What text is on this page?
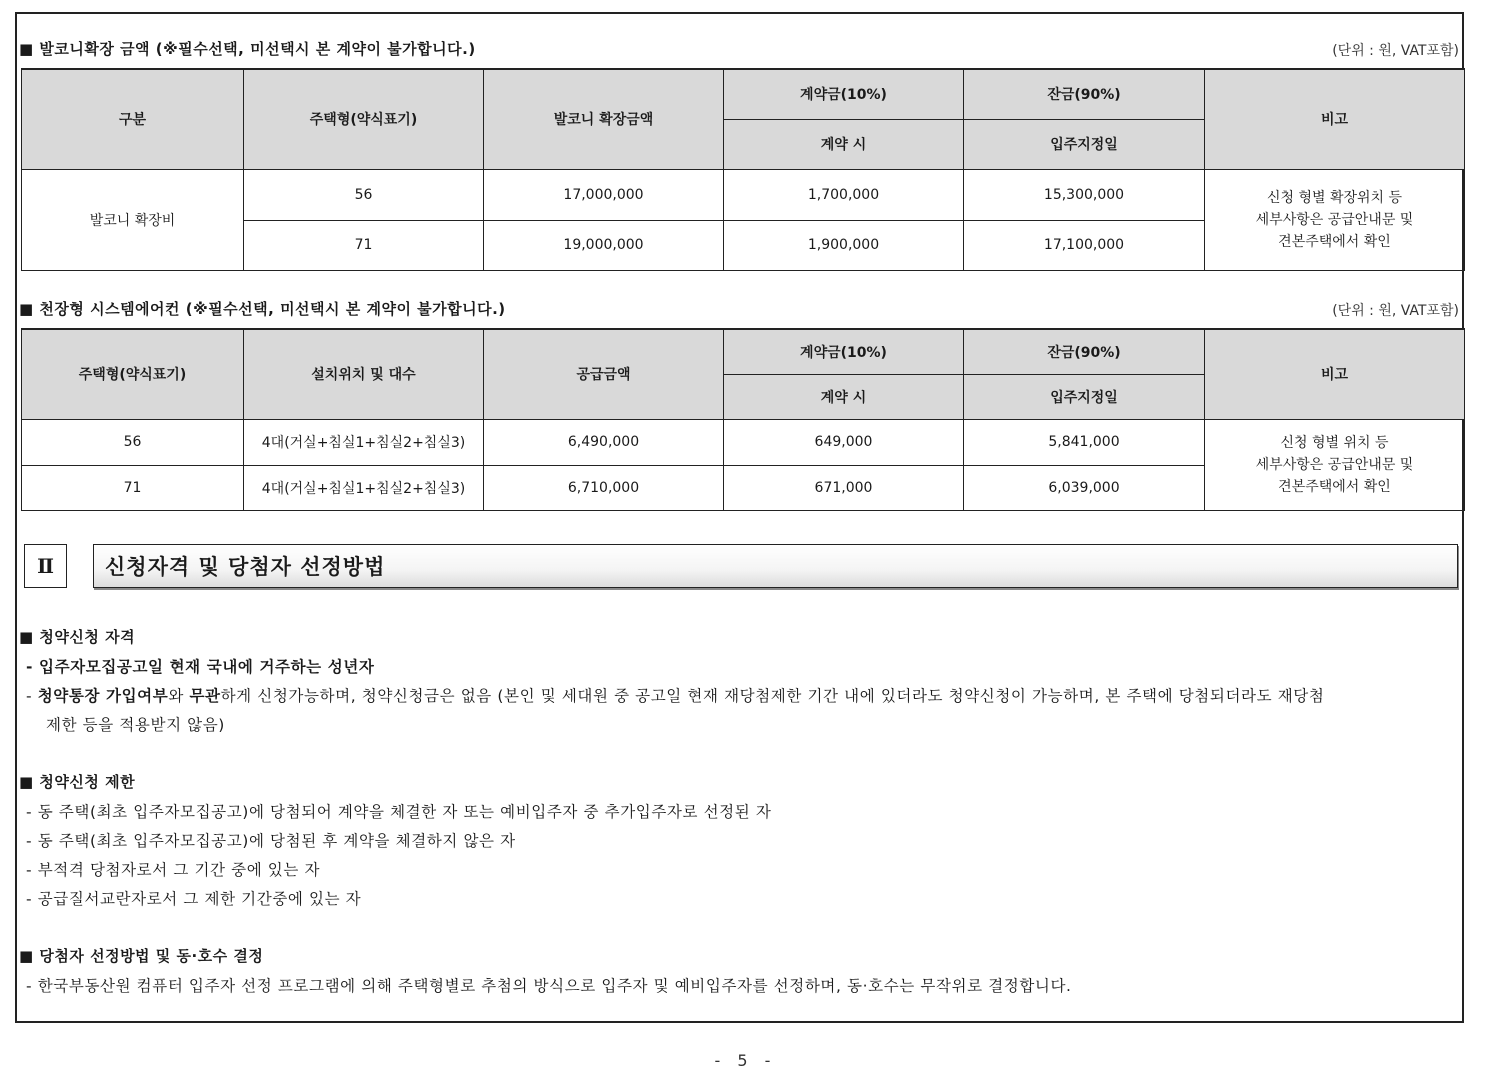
■ 발코니확장 금액 (※필수선택, 미선택시 본 계약이 불가합니다.)	(단위 : 원, VAT포함)
구분	주택형(약식표기)	발코니 확장금액	계약금(10%)	잔금(90%)	비고
			계약 시	입주지정일	
발코니 확장비	56	17,000,000	1,700,000	15,300,000	신청 형별 확장위치 등
세부사항은 공급안내문 및
견본주택에서 확인

	71	19,000,000	1,900,000	17,100,000	
■ 천장형 시스템에어컨 (※필수선택, 미선택시 본 계약이 불가합니다.)	(단위 : 원, VAT포함)
주택형(약식표기)	설치위치 및 대수	공급금액	계약금(10%)	잔금(90%)	비고
			계약 시	입주지정일	
56	4대(거실+침실1+침실2+침실3)	6,490,000	649,000	5,841,000	신청 형별 위치 등
세부사항은 공급안내문 및
견본주택에서 확인

71	4대(거실+침실1+침실2+침실3)	6,710,000	671,000	6,039,000	
Ⅱ	신청자격 및 당첨자 선정방법
■ 청약신청 자격
- 입주자모집공고일 현재 국내에 거주하는 성년자
- 청약통장 가입여부와 무관하게 신청가능하며, 청약신청금은 없음 (본인 및 세대원 중 공고일 현재 재당첨제한 기간 내에 있더라도 청약신청이 가능하며, 본 주택에 당첨되더라도 재당첨
제한 등을 적용받지 않음)
■ 청약신청 제한
- 동 주택(최초 입주자모집공고)에 당첨되어 계약을 체결한 자 또는 예비입주자 중 추가입주자로 선정된 자
- 동 주택(최초 입주자모집공고)에 당첨된 후 계약을 체결하지 않은 자
- 부적격 당첨자로서 그 기간 중에 있는 자
- 공급질서교란자로서 그 제한 기간중에 있는 자
■ 당첨자 선정방법 및 동·호수 결정
- 한국부동산원 컴퓨터 입주자 선정 프로그램에 의해 주택형별로 추첨의 방식으로 입주자 및 예비입주자를 선정하며, 동·호수는 무작위로 결정합니다.
- 5 -
